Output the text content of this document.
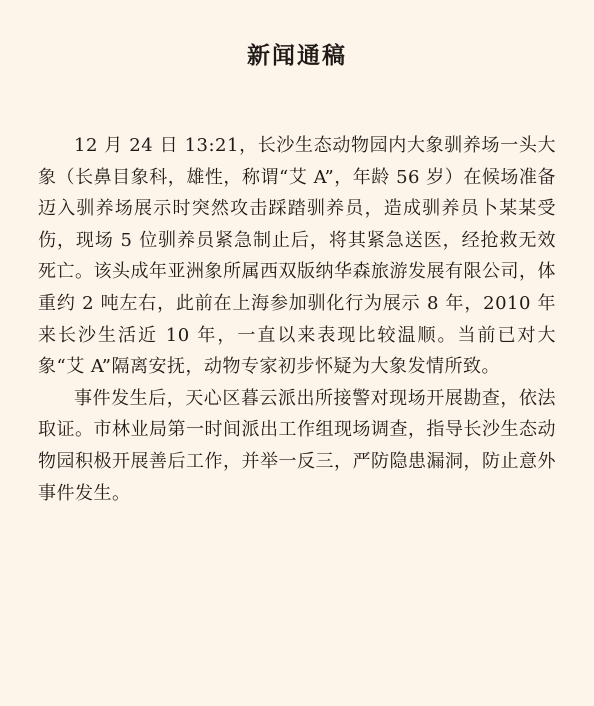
新闻通稿

12 月 24 日 13:21，长沙生态动物园内大象驯养场一头大象（长鼻目象科，雄性，称谓“艾 A”，年龄 56 岁）在候场准备迈入驯养场展示时突然攻击踩踏驯养员，造成驯养员卜某某受伤，现场 5 位驯养员紧急制止后，将其紧急送医，经抢救无效死亡。该头成年亚洲象所属西双版纳华森旅游发展有限公司，体重约 2 吨左右，此前在上海参加驯化行为展示 8 年，2010 年来长沙生活近 10 年，一直以来表现比较温顺。当前已对大象“艾 A”隔离安抚，动物专家初步怀疑为大象发情所致。

事件发生后，天心区暮云派出所接警对现场开展勘查，依法取证。市林业局第一时间派出工作组现场调查，指导长沙生态动物园积极开展善后工作，并举一反三，严防隐患漏洞，防止意外事件发生。
